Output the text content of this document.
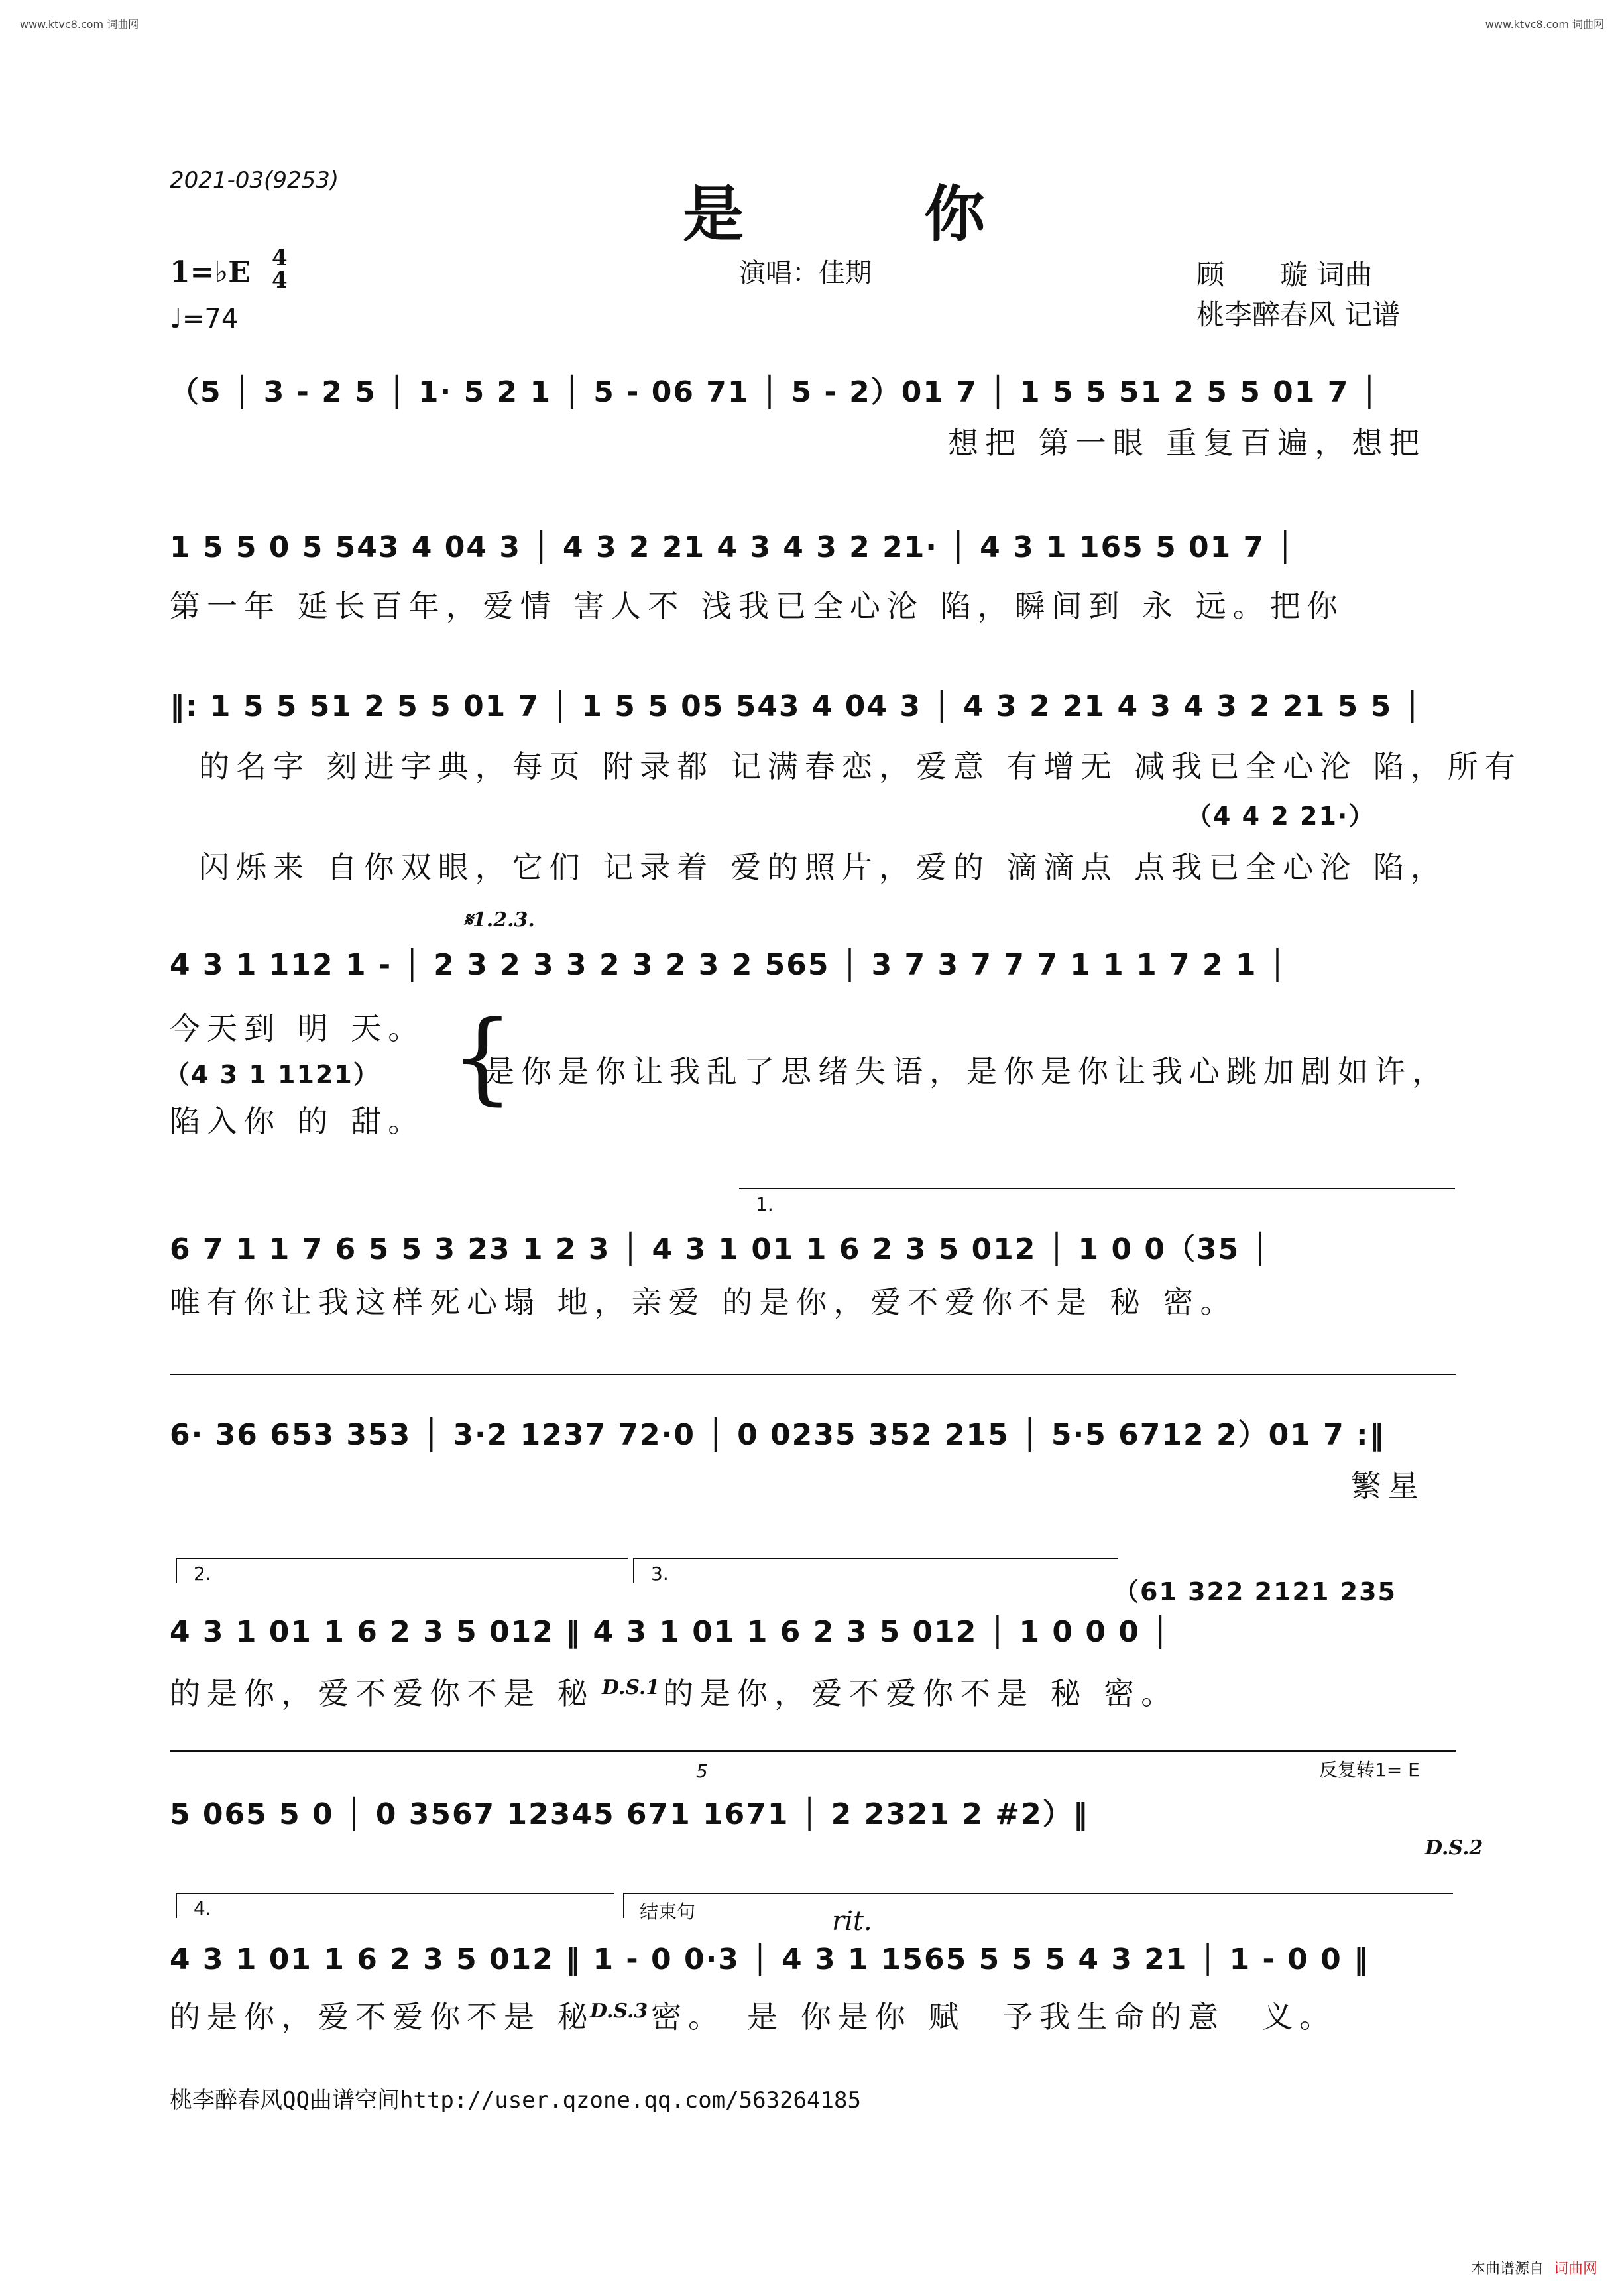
www.ktvc8.com 词曲网	www.ktvc8.com 词曲网
2021-03(9253)	是 你
1=♭E 4
4
♩=74
演唱：佳期	顾　　璇 词曲
桃李醉春风 记谱
（5 │ 3 - 2 5 │ 1· 5 2 1 │ 5 - 06 71 │ 5 - 2）01 7 │ 1 5 5 51 2 5 5 01 7 │
想把 第一眼 重复百遍，想把
1 5 5 0 5 543 4 04 3 │ 4 3 2 21 4 3 4 3 2 21· │ 4 3 1 165 5 01 7 │
第一年 延长百年，爱情 害人不 浅我已全心沦 陷，瞬间到 永 远。把你
‖: 1 5 5 51 2 5 5 01 7 │ 1 5 5 05 543 4 04 3 │ 4 3 2 21 4 3 4 3 2 21 5 5 │
的名字 刻进字典，每页 附录都 记满春恋，爱意 有增无 减我已全心沦 陷，所有
（4 4 2 21·）
闪烁来 自你双眼，它们 记录着 爱的照片，爱的 滴滴点 点我已全心沦 陷，
𝄋1.2.3.
4 3 1 112 1 - │ 2 3 2 3 3 2 3 2 3 2 565 │ 3 7 3 7 7 7 1 1 1 7 2 1 │
今天到 明 天。
（4 3 1 1121）
陷入你 的 甜。
{
是你是你让我乱了思绪失语，是你是你让我心跳加剧如许，
1.
6 7 1 1 7 6 5 5 3 23 1 2 3 │ 4 3 1 01 1 6 2 3 5 012 │ 1 0 0（35 │
唯有你让我这样死心塌 地，亲爱 的是你，爱不爱你不是 秘 密。
6· 36 653 353 │ 3·2 1237 72·0 │ 0 0235 352 215 │ 5·5 6712 2）01 7 :‖
繁星
2.	3.
（61 322 2121 235
4 3 1 01 1 6 2 3 5 012 ‖ 4 3 1 01 1 6 2 3 5 012 │ 1 0 0 0 │
的是你，爱不爱你不是 秘 D.S.1 的是你，爱不爱你不是 秘 密。
反复转1= E
5
5 065 5 0 │ 0 3567 12345 671 1671 │ 2 2321 2 #2）‖
D.S.2
4.	结束句	rit.
4 3 1 01 1 6 2 3 5 012 ‖ 1 - 0 0·3 │ 4 3 1 1565 5 5 5 4 3 21 │ 1 - 0 0 ‖
的是你，爱不爱你不是 秘
D.S.3 密。　是 你是你 赋　予我生命的意　义。
桃李醉春风QQ曲谱空间http://user.qzone.qq.com/563264185
本曲谱源自 词曲网
